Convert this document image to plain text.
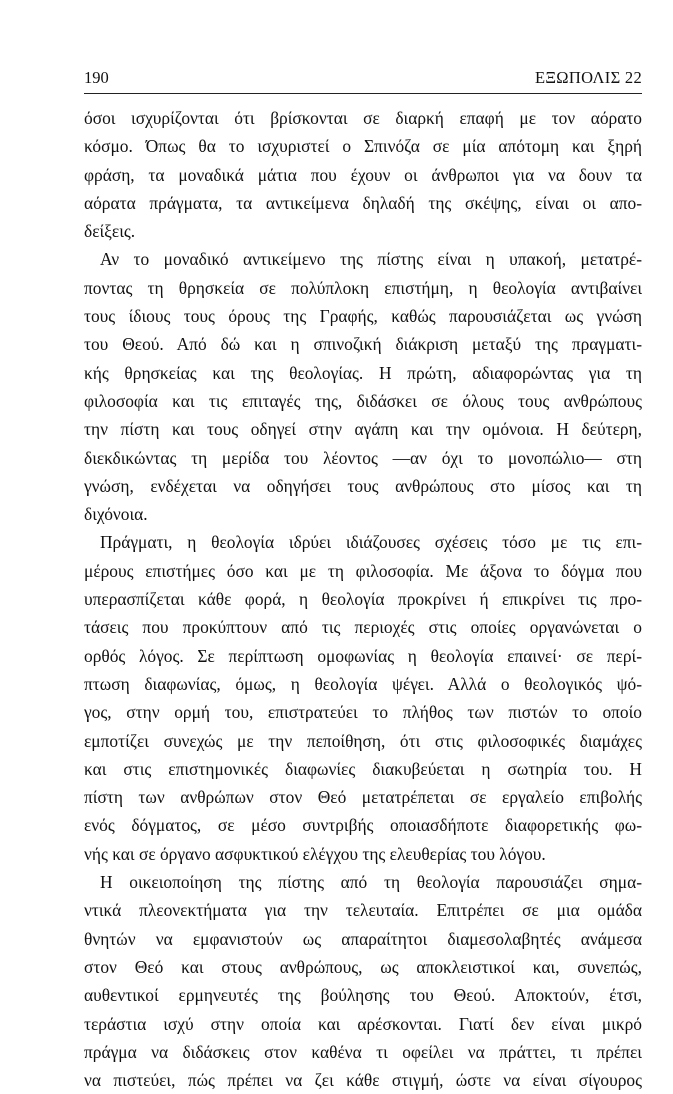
190	ΕΞΩΠΟΛΙΣ 22
όσοι ισχυρίζονται ότι βρίσκονται σε διαρκή επαφή με τον αόρατο
κόσμο. Όπως θα το ισχυριστεί ο Σπινόζα σε μία απότομη και ξηρή
φράση, τα μοναδικά μάτια που έχουν οι άνθρωποι για να δουν τα
αόρατα πράγματα, τα αντικείμενα δηλαδή της σκέψης, είναι οι απο-
δείξεις.
Αν το μοναδικό αντικείμενο της πίστης είναι η υπακοή, μετατρέ-
ποντας τη θρησκεία σε πολύπλοκη επιστήμη, η θεολογία αντιβαίνει
τους ίδιους τους όρους της Γραφής, καθώς παρουσιάζεται ως γνώση
του Θεού. Από δώ και η σπινοζική διάκριση μεταξύ της πραγματι-
κής θρησκείας και της θεολογίας. Η πρώτη, αδιαφορώντας για τη
φιλοσοφία και τις επιταγές της, διδάσκει σε όλους τους ανθρώπους
την πίστη και τους οδηγεί στην αγάπη και την ομόνοια. Η δεύτερη,
διεκδικώντας τη μερίδα του λέοντος —αν όχι το μονοπώλιο— στη
γνώση, ενδέχεται να οδηγήσει τους ανθρώπους στο μίσος και τη
διχόνοια.
Πράγματι, η θεολογία ιδρύει ιδιάζουσες σχέσεις τόσο με τις επι-
μέρους επιστήμες όσο και με τη φιλοσοφία. Με άξονα το δόγμα που
υπερασπίζεται κάθε φορά, η θεολογία προκρίνει ή επικρίνει τις προ-
τάσεις που προκύπτουν από τις περιοχές στις οποίες οργανώνεται ο
ορθός λόγος. Σε περίπτωση ομοφωνίας η θεολογία επαινεί· σε περί-
πτωση διαφωνίας, όμως, η θεολογία ψέγει. Αλλά ο θεολογικός ψό-
γος, στην ορμή του, επιστρατεύει το πλήθος των πιστών το οποίο
εμποτίζει συνεχώς με την πεποίθηση, ότι στις φιλοσοφικές διαμάχες
και στις επιστημονικές διαφωνίες διακυβεύεται η σωτηρία του. Η
πίστη των ανθρώπων στον Θεό μετατρέπεται σε εργαλείο επιβολής
ενός δόγματος, σε μέσο συντριβής οποιασδήποτε διαφορετικής φω-
νής και σε όργανο ασφυκτικού ελέγχου της ελευθερίας του λόγου.
Η οικειοποίηση της πίστης από τη θεολογία παρουσιάζει σημα-
ντικά πλεονεκτήματα για την τελευταία. Επιτρέπει σε μια ομάδα
θνητών να εμφανιστούν ως απαραίτητοι διαμεσολαβητές ανάμεσα
στον Θεό και στους ανθρώπους, ως αποκλειστικοί και, συνεπώς,
αυθεντικοί ερμηνευτές της βούλησης του Θεού. Αποκτούν, έτσι,
τεράστια ισχύ στην οποία και αρέσκονται. Γιατί δεν είναι μικρό
πράγμα να διδάσκεις στον καθένα τι οφείλει να πράττει, τι πρέπει
να πιστεύει, πώς πρέπει να ζει κάθε στιγμή, ώστε να είναι σίγουρος
